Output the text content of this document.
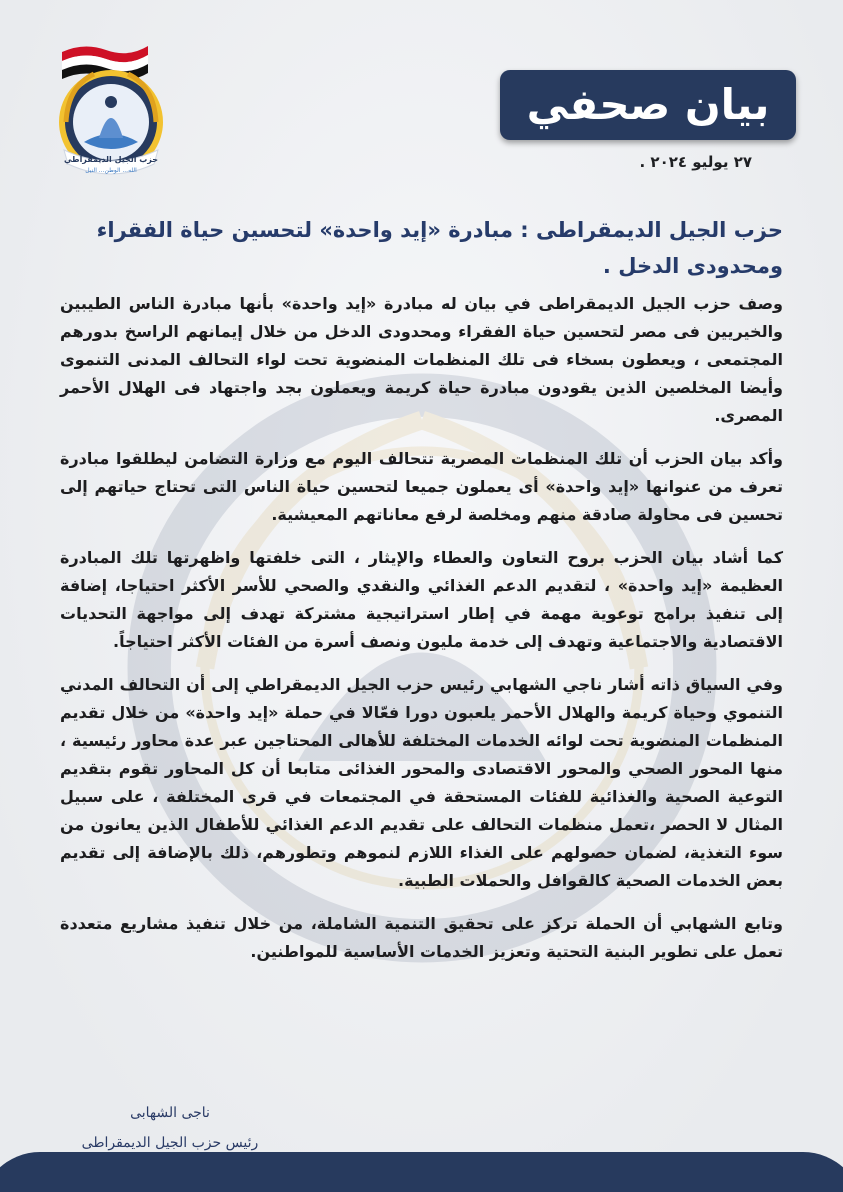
حزب الجيل الديمقراطي
الله... الوطن... النيل
بيان صحفي
٢٧ يوليو ٢٠٢٤ .
حزب الجيل الديمقراطى : مبادرة «إيد واحدة» لتحسين حياة الفقراء ومحدودى الدخل .

وصف حزب الجيل الديمقراطى في بيان له مبادرة «إيد واحدة» بأنها مبادرة الناس الطيبين والخيريين فى مصر لتحسين حياة الفقراء ومحدودى الدخل من خلال إيمانهم الراسخ بدورهم المجتمعى ، ويعطون بسخاء فى تلك المنظمات المنضوية تحت لواء التحالف المدنى التنموى وأيضا المخلصين الذين يقودون مبادرة حياة كريمة ويعملون بجد واجتهاد فى الهلال الأحمر المصرى.

وأكد بيان الحزب أن تلك المنظمات المصرية تتحالف اليوم مع وزارة التضامن ليطلقوا مبادرة تعرف من عنوانها «إيد واحدة» أى يعملون جميعا لتحسين حياة الناس التى تحتاج حياتهم إلى تحسين فى محاولة صادقة منهم ومخلصة لرفع معاناتهم المعيشية.

كما أشاد بيان الحزب بروح التعاون والعطاء والإيثار ، التى خلفتها واظهرتها تلك المبادرة العظيمة «إيد واحدة» ، لتقديم الدعم الغذائي والنقدي والصحي للأسر الأكثر احتياجا، إضافة إلى تنفيذ برامج توعوية مهمة في إطار استراتيجية مشتركة تهدف إلى مواجهة التحديات الاقتصادية والاجتماعية وتهدف إلى خدمة مليون ونصف أسرة من الفئات الأكثر احتياجاً.

وفي السياق ذاته أشار ناجي الشهابي رئيس حزب الجيل الديمقراطي إلى أن التحالف المدني التنموي وحياة كريمة والهلال الأحمر يلعبون دورا فعّالا في حملة «إيد واحدة» من خلال تقديم المنظمات المنضوية تحت لوائه الخدمات المختلفة للأهالى المحتاجين عبر عدة محاور رئيسية ، منها المحور الصحي والمحور الاقتصادى والمحور الغذائى متابعا أن كل المحاور تقوم بتقديم التوعية الصحية والغذائية للفئات المستحقة في المجتمعات في قرى المختلفة ، على سبيل المثال لا الحصر ،تعمل منظمات التحالف على تقديم الدعم الغذائي للأطفال الذين يعانون من سوء التغذية، لضمان حصولهم على الغذاء اللازم لنموهم وتطورهم، ذلك بالإضافة إلى تقديم بعض الخدمات الصحية كالقوافل والحملات الطبية.

وتابع الشهابي أن الحملة تركز على تحقيق التنمية الشاملة، من خلال تنفيذ مشاريع متعددة تعمل على تطوير البنية التحتية وتعزيز الخدمات الأساسية للمواطنين.

ناجى الشهابى
رئيس حزب الجيل الديمقراطى
